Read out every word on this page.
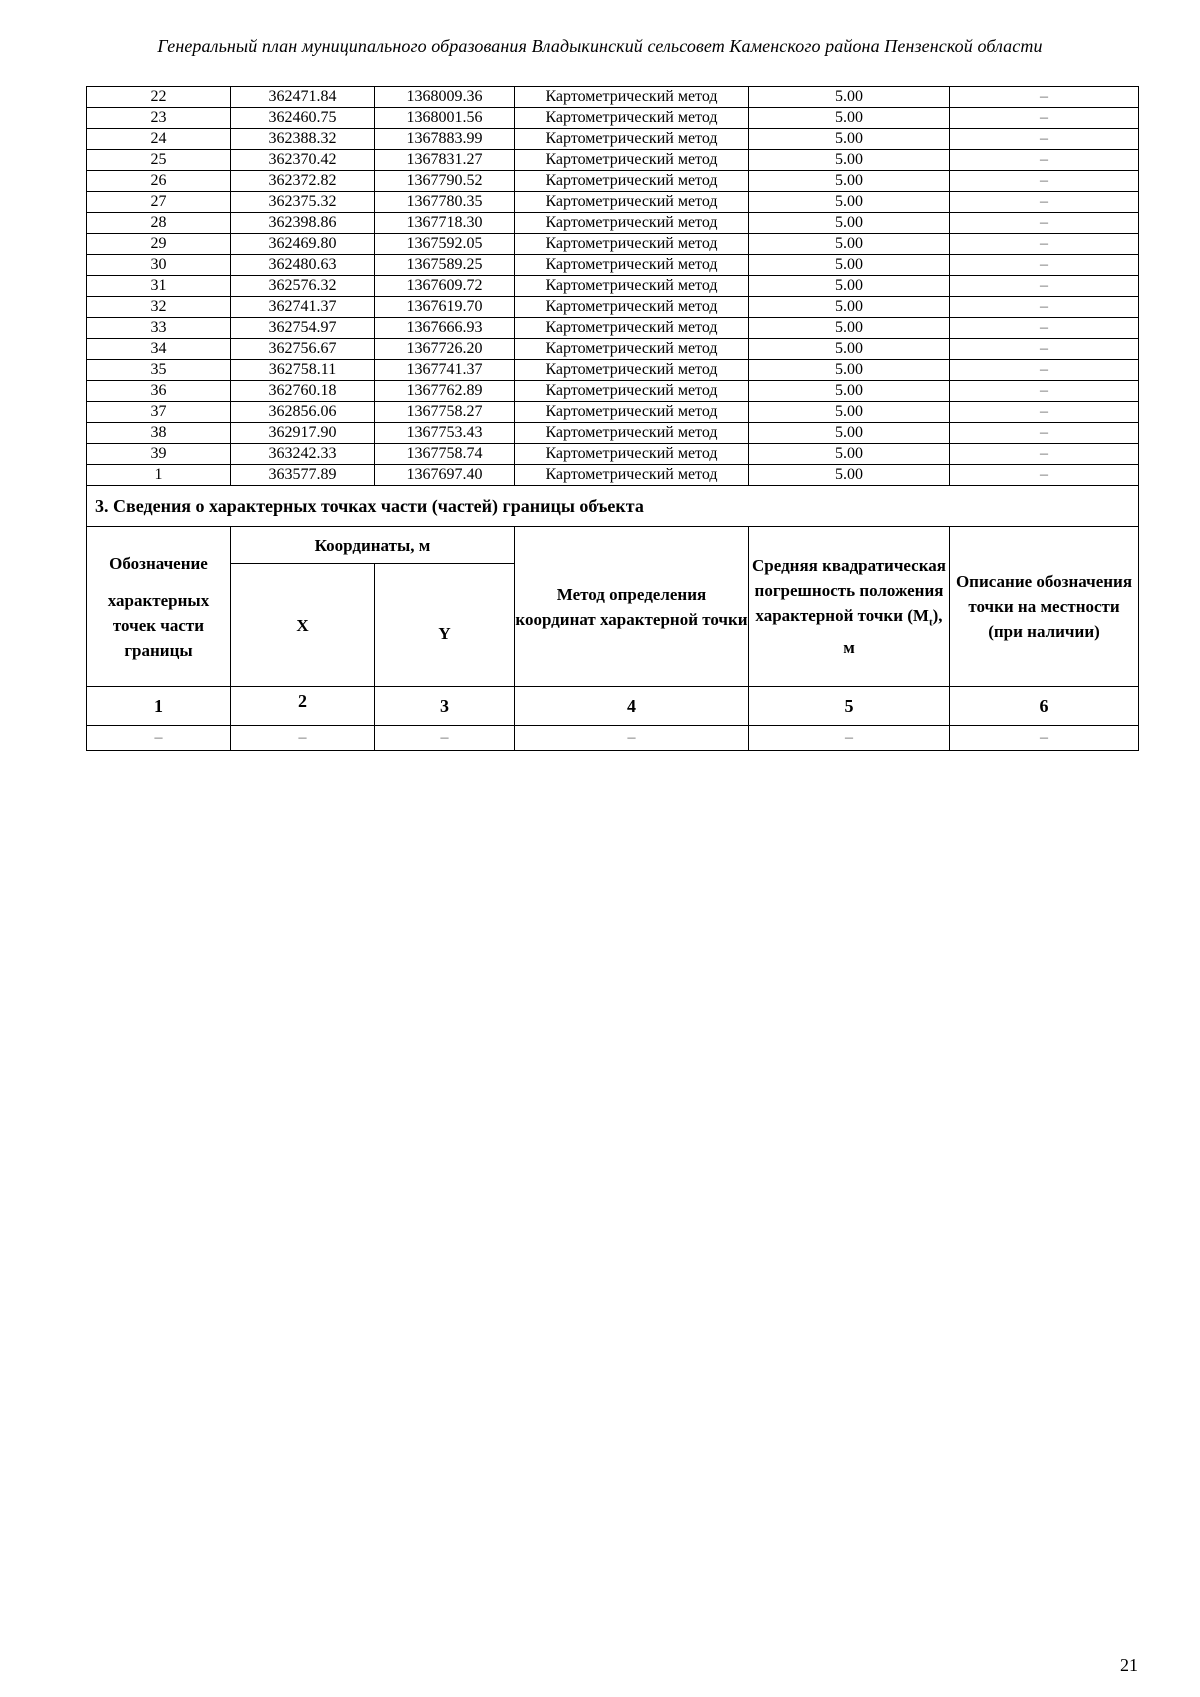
Генеральный план муниципального образования Владыкинский сельсовет Каменского района Пензенской области
22	362471.84	1368009.36	Картометрический метод	5.00	–
23	362460.75	1368001.56	Картометрический метод	5.00	–
24	362388.32	1367883.99	Картометрический метод	5.00	–
25	362370.42	1367831.27	Картометрический метод	5.00	–
26	362372.82	1367790.52	Картометрический метод	5.00	–
27	362375.32	1367780.35	Картометрический метод	5.00	–
28	362398.86	1367718.30	Картометрический метод	5.00	–
29	362469.80	1367592.05	Картометрический метод	5.00	–
30	362480.63	1367589.25	Картометрический метод	5.00	–
31	362576.32	1367609.72	Картометрический метод	5.00	–
32	362741.37	1367619.70	Картометрический метод	5.00	–
33	362754.97	1367666.93	Картометрический метод	5.00	–
34	362756.67	1367726.20	Картометрический метод	5.00	–
35	362758.11	1367741.37	Картометрический метод	5.00	–
36	362760.18	1367762.89	Картометрический метод	5.00	–
37	362856.06	1367758.27	Картометрический метод	5.00	–
38	362917.90	1367753.43	Картометрический метод	5.00	–
39	363242.33	1367758.74	Картометрический метод	5.00	–
1	363577.89	1367697.40	Картометрический метод	5.00	–
3. Сведения о характерных точках части (частей) границы объекта					

Обозначение
характерных точек части границы	Координаты, м		Метод определения координат характерной точки	Средняя квадратическая погрешность положения характерной точки $(M_t)$, м	Описание обозначения точки на местности (при наличии)
	X	Y			
1	2	3	4	5	6
–	–	–	–	–	–
21
